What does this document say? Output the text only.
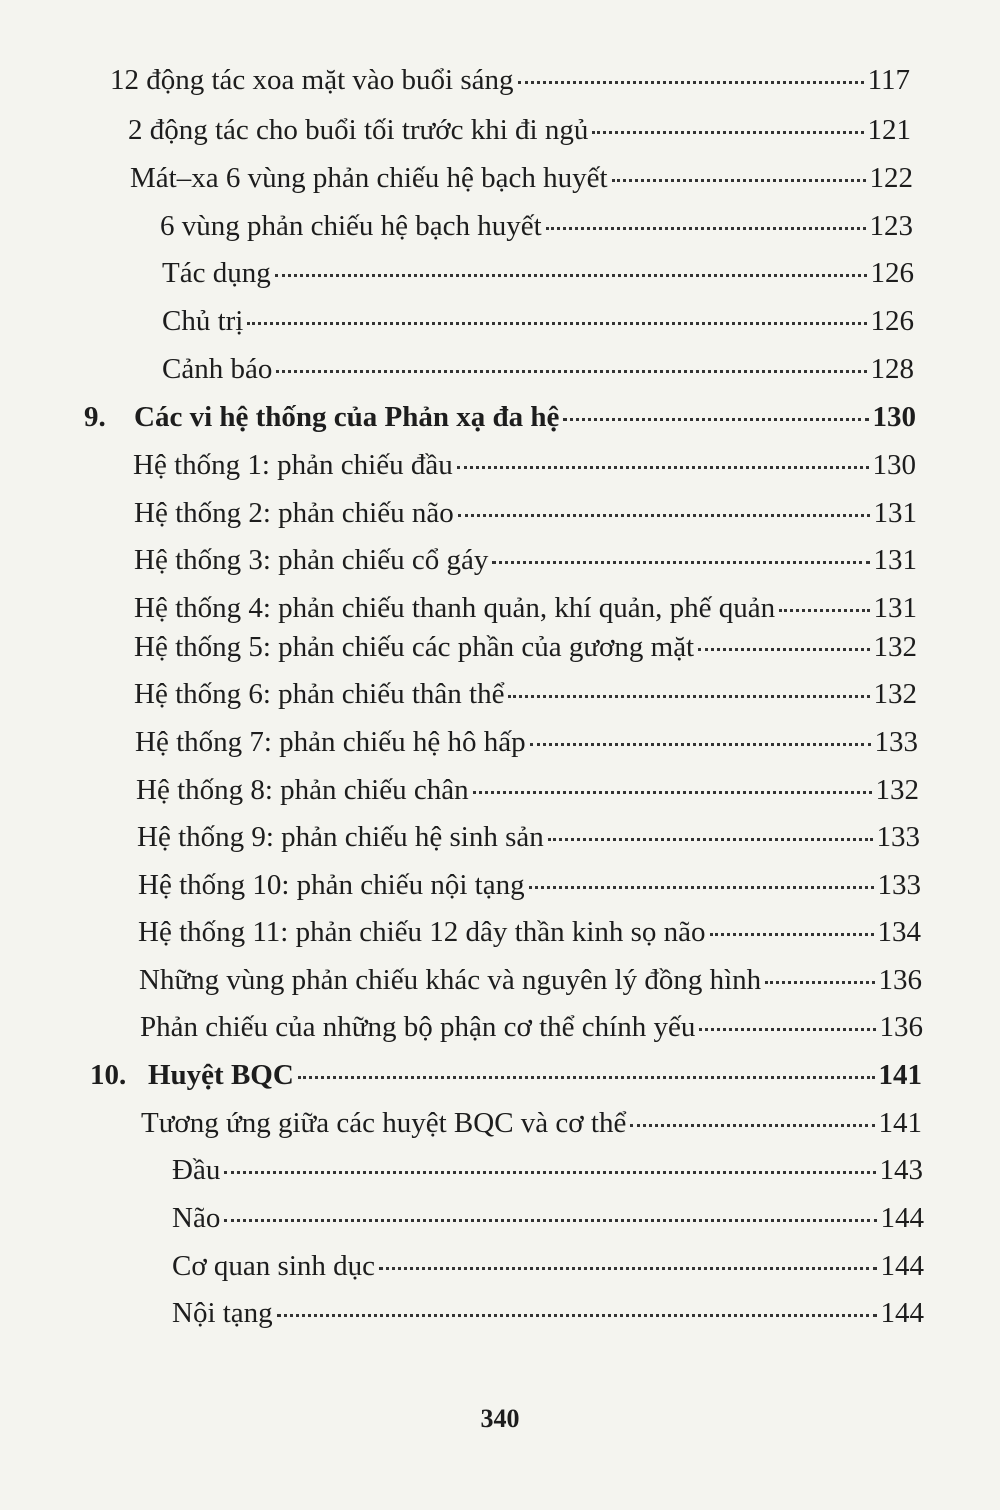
12 động tác xoa mặt vào buổi sáng	117
2 động tác cho buổi tối trước khi đi ngủ	121
Mát–xa 6 vùng phản chiếu hệ bạch huyết	122
6 vùng phản chiếu hệ bạch huyết	123
Tác dụng	126
Chủ trị	126
Cảnh báo	128
9. Các vi hệ thống của Phản xạ đa hệ	130
Hệ thống 1: phản chiếu đầu	130
Hệ thống 2: phản chiếu não	131
Hệ thống 3: phản chiếu cổ gáy	131
Hệ thống 4: phản chiếu thanh quản, khí quản, phế quản	131
Hệ thống 5: phản chiếu các phần của gương mặt	132
Hệ thống 6: phản chiếu thân thể	132
Hệ thống 7: phản chiếu hệ hô hấp	133
Hệ thống 8: phản chiếu chân	132
Hệ thống 9: phản chiếu hệ sinh sản	133
Hệ thống 10: phản chiếu nội tạng	133
Hệ thống 11: phản chiếu 12 dây thần kinh sọ não	134
Những vùng phản chiếu khác và nguyên lý đồng hình	136
Phản chiếu của những bộ phận cơ thể chính yếu	136
10. Huyệt BQC	141
Tương ứng giữa các huyệt BQC và cơ thể	141
Đầu	143
Não	144
Cơ quan sinh dục	144
Nội tạng	144
340
